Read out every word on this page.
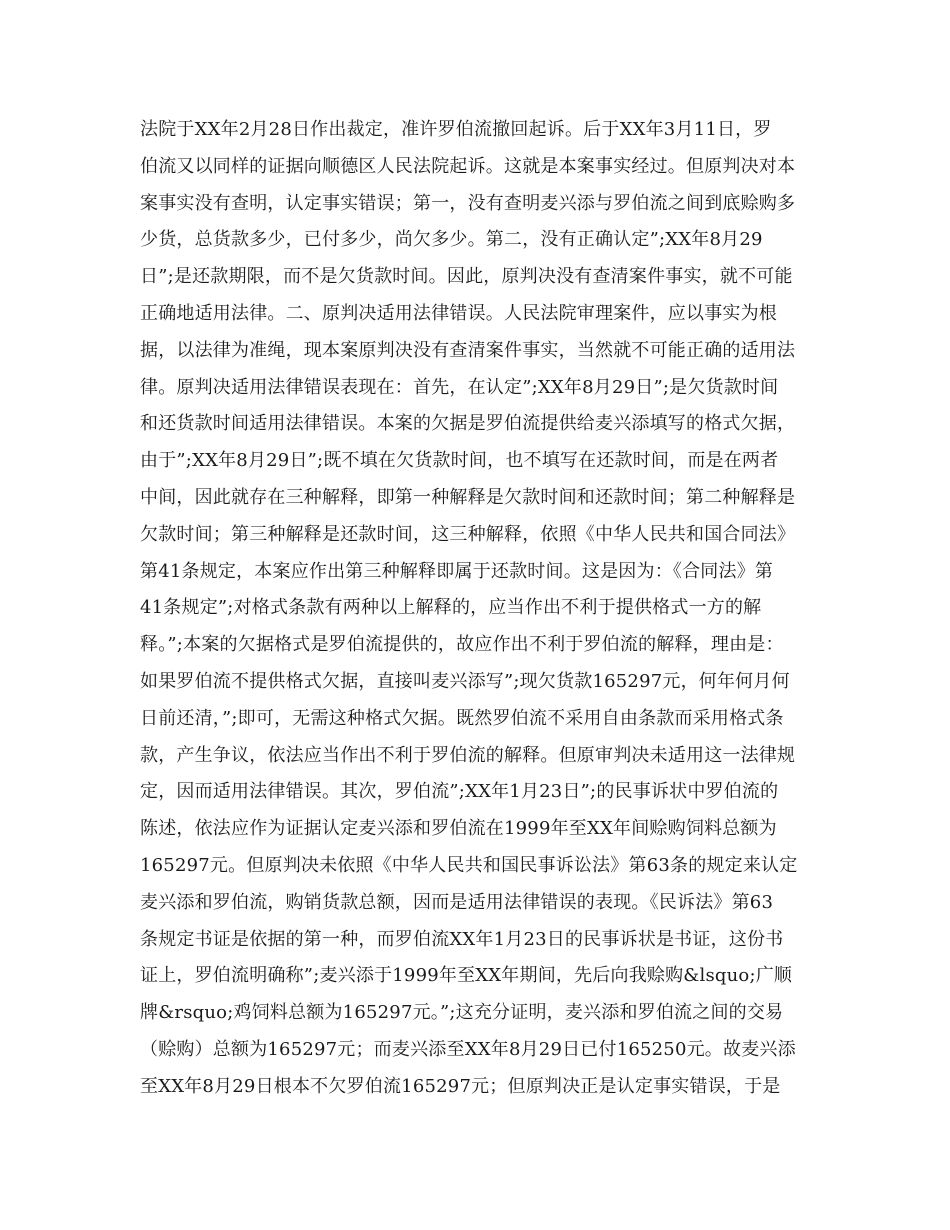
法院于XX年2月28日作出裁定，准许罗伯流撤回起诉。后于XX年3月11日，罗
伯流又以同样的证据向顺德区人民法院起诉。这就是本案事实经过。但原判决对本
案事实没有查明，认定事实错误；第一，没有查明麦兴添与罗伯流之间到底赊购多
少货，总货款多少，已付多少，尚欠多少。第二，没有正确认定”;XX年8月29
日”;是还款期限，而不是欠货款时间。因此，原判决没有查清案件事实，就不可能
正确地适用法律。二、原判决适用法律错误。人民法院审理案件，应以事实为根
据，以法律为准绳，现本案原判决没有查清案件事实，当然就不可能正确的适用法
律。原判决适用法律错误表现在：首先，在认定”;XX年8月29日”;是欠货款时间
和还货款时间适用法律错误。本案的欠据是罗伯流提供给麦兴添填写的格式欠据，
由于”;XX年8月29日”;既不填在欠货款时间，也不填写在还款时间，而是在两者
中间，因此就存在三种解释，即第一种解释是欠款时间和还款时间；第二种解释是
欠款时间；第三种解释是还款时间，这三种解释，依照《中华人民共和国合同法》
第41条规定，本案应作出第三种解释即属于还款时间。这是因为：《合同法》第
41条规定”;对格式条款有两种以上解释的，应当作出不利于提供格式一方的解
释。”;本案的欠据格式是罗伯流提供的，故应作出不利于罗伯流的解释，理由是：
如果罗伯流不提供格式欠据，直接叫麦兴添写”;现欠货款165297元，何年何月何
日前还清，”;即可，无需这种格式欠据。既然罗伯流不采用自由条款而采用格式条
款，产生争议，依法应当作出不利于罗伯流的解释。但原审判决未适用这一法律规
定，因而适用法律错误。其次，罗伯流”;XX年1月23日”;的民事诉状中罗伯流的
陈述，依法应作为证据认定麦兴添和罗伯流在1999年至XX年间赊购饲料总额为
165297元。但原判决未依照《中华人民共和国民事诉讼法》第63条的规定来认定
麦兴添和罗伯流，购销货款总额，因而是适用法律错误的表现。《民诉法》第63
条规定书证是依据的第一种，而罗伯流XX年1月23日的民事诉状是书证，这份书
证上，罗伯流明确称”;麦兴添于1999年至XX年期间，先后向我赊购&lsquo;广顺
牌&rsquo;鸡饲料总额为165297元。”;这充分证明，麦兴添和罗伯流之间的交易
（赊购）总额为165297元；而麦兴添至XX年8月29日已付165250元。故麦兴添
至XX年8月29日根本不欠罗伯流165297元；但原判决正是认定事实错误，于是
